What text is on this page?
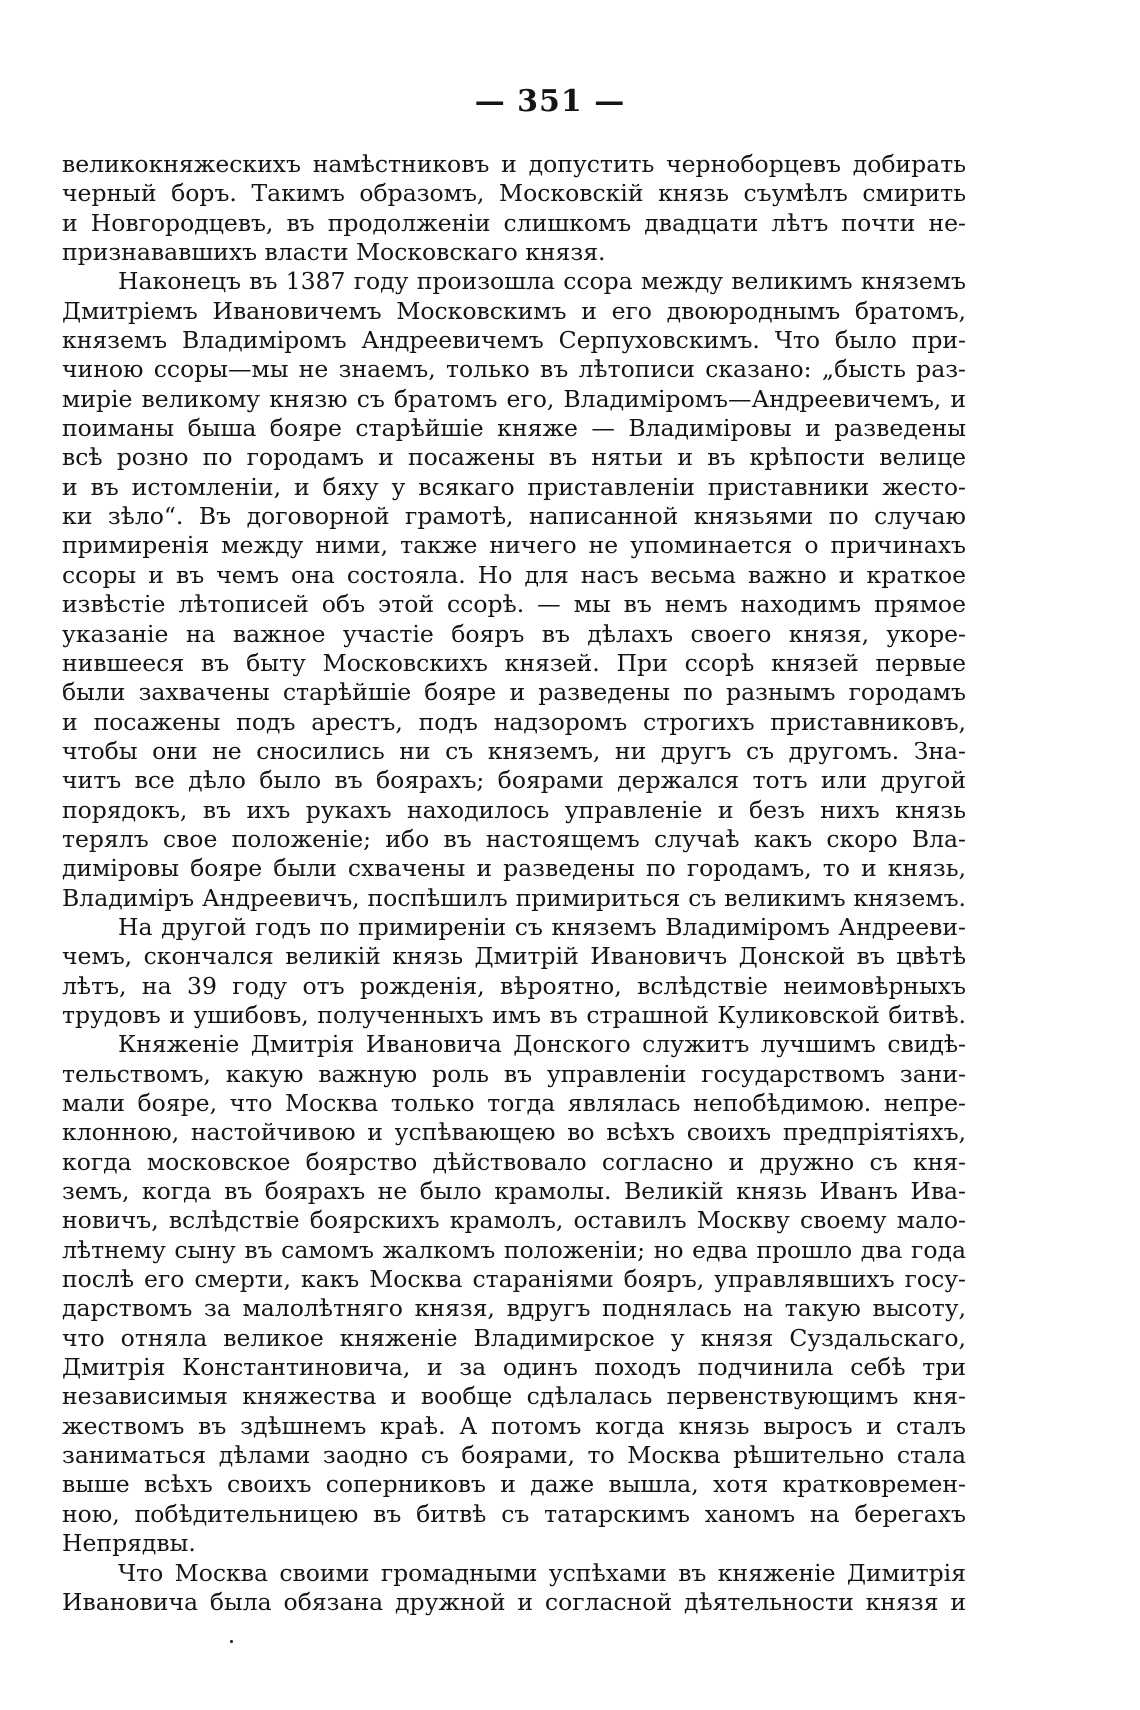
— 351 —
великокняжескихъ намѣстниковъ и допустить черноборцевъ добирать
черный боръ. Такимъ образомъ, Московскій князь съумѣлъ смирить
и Новгородцевъ, въ продолженіи слишкомъ двадцати лѣтъ почти не-
признававшихъ власти Московскаго князя.
Наконецъ въ 1387 году произошла ссора между великимъ княземъ
Дмитріемъ Ивановичемъ Московскимъ и его двоюроднымъ братомъ,
княземъ Владиміромъ Андреевичемъ Серпуховскимъ. Что было при-
чиною ссоры—мы не знаемъ, только въ лѣтописи сказано: „бысть раз-
миріе великому князю съ братомъ его, Владиміромъ—Андреевичемъ, и
поиманы быша бояре старѣйшіе княже — Владиміровы и разведены
всѣ розно по городамъ и посажены въ нятьи и въ крѣпости велице
и въ истомленіи, и бяху у всякаго приставленіи приставники жесто-
ки зѣло“. Въ договорной грамотѣ, написанной князьями по случаю
примиренія между ними, также ничего не упоминается о причинахъ
ссоры и въ чемъ она состояла. Но для насъ весьма важно и краткое
извѣстіе лѣтописей объ этой ссорѣ. — мы въ немъ находимъ прямое
указаніе на важное участіе бояръ въ дѣлахъ своего князя, укоре-
нившееся въ быту Московскихъ князей. При ссорѣ князей первые
были захвачены старѣйшіе бояре и разведены по разнымъ городамъ
и посажены подъ арестъ, подъ надзоромъ строгихъ приставниковъ,
чтобы они не сносились ни съ княземъ, ни другъ съ другомъ. Зна-
читъ все дѣло было въ боярахъ; боярами держался тотъ или другой
порядокъ, въ ихъ рукахъ находилось управленіе и безъ нихъ князь
терялъ свое положеніе; ибо въ настоящемъ случаѣ какъ скоро Вла-
диміровы бояре были схвачены и разведены по городамъ, то и князь,
Владиміръ Андреевичъ, поспѣшилъ примириться съ великимъ княземъ.
На другой годъ по примиреніи съ княземъ Владиміромъ Андрееви-
чемъ, скончался великій князь Дмитрій Ивановичъ Донской въ цвѣтѣ
лѣтъ, на 39 году отъ рожденія, вѣроятно, вслѣдствіе неимовѣрныхъ
трудовъ и ушибовъ, полученныхъ имъ въ страшной Куликовской битвѣ.
Княженіе Дмитрія Ивановича Донского служитъ лучшимъ свидѣ-
тельствомъ, какую важную роль въ управленіи государствомъ зани-
мали бояре, что Москва только тогда являлась непобѣдимою. непре-
клонною, настойчивою и успѣвающею во всѣхъ своихъ предпріятіяхъ,
когда московское боярство дѣйствовало согласно и дружно съ кня-
земъ, когда въ боярахъ не было крамолы. Великій князь Иванъ Ива-
новичъ, вслѣдствіе боярскихъ крамолъ, оставилъ Москву своему мало-
лѣтнему сыну въ самомъ жалкомъ положеніи; но едва прошло два года
послѣ его смерти, какъ Москва стараніями бояръ, управлявшихъ госу-
дарствомъ за малолѣтняго князя, вдругъ поднялась на такую высоту,
что отняла великое княженіе Владимирское у князя Суздальскаго,
Дмитрія Константиновича, и за одинъ походъ подчинила себѣ три
независимыя княжества и вообще сдѣлалась первенствующимъ кня-
жествомъ въ здѣшнемъ краѣ. А потомъ когда князь выросъ и сталъ
заниматься дѣлами заодно съ боярами, то Москва рѣшительно стала
выше всѣхъ своихъ соперниковъ и даже вышла, хотя кратковремен-
ною, побѣдительницею въ битвѣ съ татарскимъ ханомъ на берегахъ
Непрядвы.
Что Москва своими громадными успѣхами въ княженіе Димитрія
Ивановича была обязана дружной и согласной дѣятельности князя и
